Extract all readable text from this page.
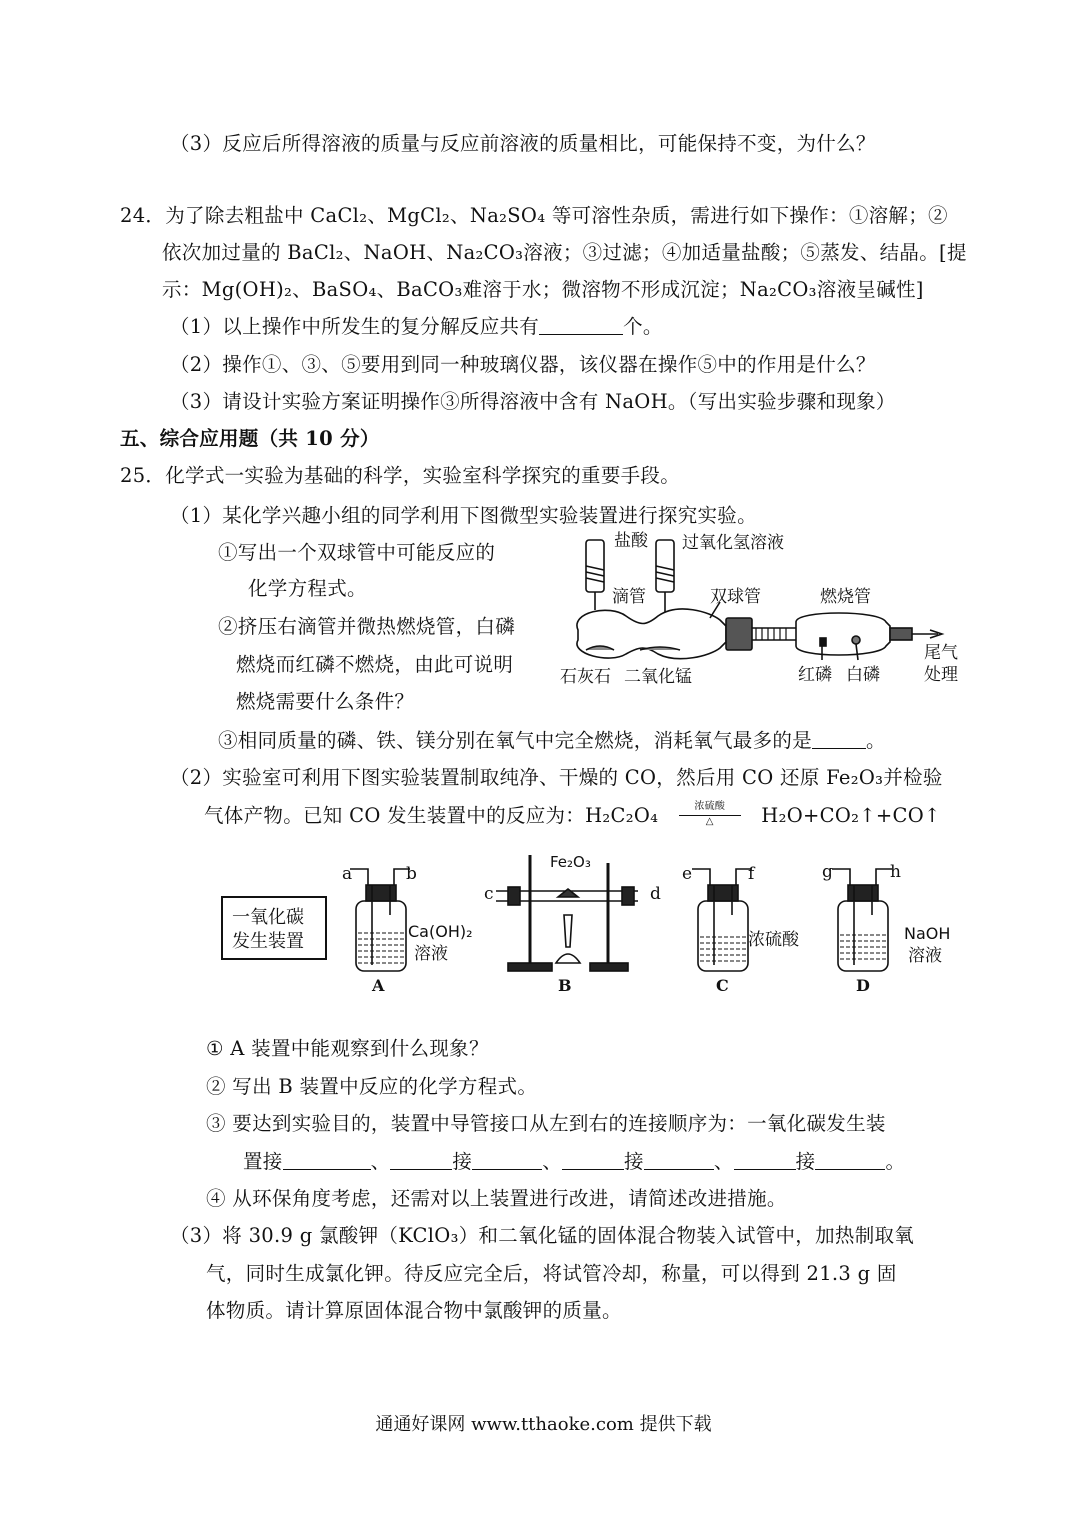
（3）反应后所得溶液的质量与反应前溶液的质量相比，可能保持不变，为什么？
24．为了除去粗盐中 CaCl₂、MgCl₂、Na₂SO₄ 等可溶性杂质，需进行如下操作：①溶解；②
依次加过量的 BaCl₂、NaOH、Na₂CO₃溶液；③过滤；④加适量盐酸；⑤蒸发、结晶。[提
示：Mg(OH)₂、BaSO₄、BaCO₃难溶于水；微溶物不形成沉淀；Na₂CO₃溶液呈碱性]
（1）以上操作中所发生的复分解反应共有	个。
（2）操作①、③、⑤要用到同一种玻璃仪器，该仪器在操作⑤中的作用是什么？
（3）请设计实验方案证明操作③所得溶液中含有 NaOH。（写出实验步骤和现象）
五、综合应用题（共 10 分）
25．化学式一实验为基础的科学，实验室科学探究的重要手段。
（1）某化学兴趣小组的同学利用下图微型实验装置进行探究实验。
①写出一个双球管中可能反应的
化学方程式。
②挤压右滴管并微热燃烧管，白磷
燃烧而红磷不燃烧，由此可说明
燃烧需要什么条件？
③相同质量的磷、铁、镁分别在氧气中完全燃烧，消耗氧气最多的是	。
（2）实验室可利用下图实验装置制取纯净、干燥的 CO，然后用 CO 还原 Fe₂O₃并检验
气体产物。已知 CO 发生装置中的反应为：H₂C₂O₄	浓硫酸
△	H₂O+CO₂↑+CO↑
① A 装置中能观察到什么现象？
② 写出 B 装置中反应的化学方程式。
③ 要达到实验目的，装置中导管接口从左到右的连接顺序为：一氧化碳发生装
置接	、	接	、	接	、	接	。
④ 从环保角度考虑，还需对以上装置进行改进，请简述改进措施。
（3）将 30.9 g 氯酸钾（KClO₃）和二氧化锰的固体混合物装入试管中，加热制取氧
气，同时生成氯化钾。待反应完全后，将试管冷却，称量，可以得到 21.3 g 固
体物质。请计算原固体混合物中氯酸钾的质量。
通通好课网 www.tthaoke.com 提供下载
盐酸 过氧化氢溶液
滴管	双球管	燃烧管
尾气
处理
石灰石 二氧化锰	红磷 白磷
一氧化碳
发生装置
a	b
c	d
e	f	g	h
Fe₂O₃
Ca(OH)₂
溶液
浓硫酸	NaOH
溶液
A	B	C	D
